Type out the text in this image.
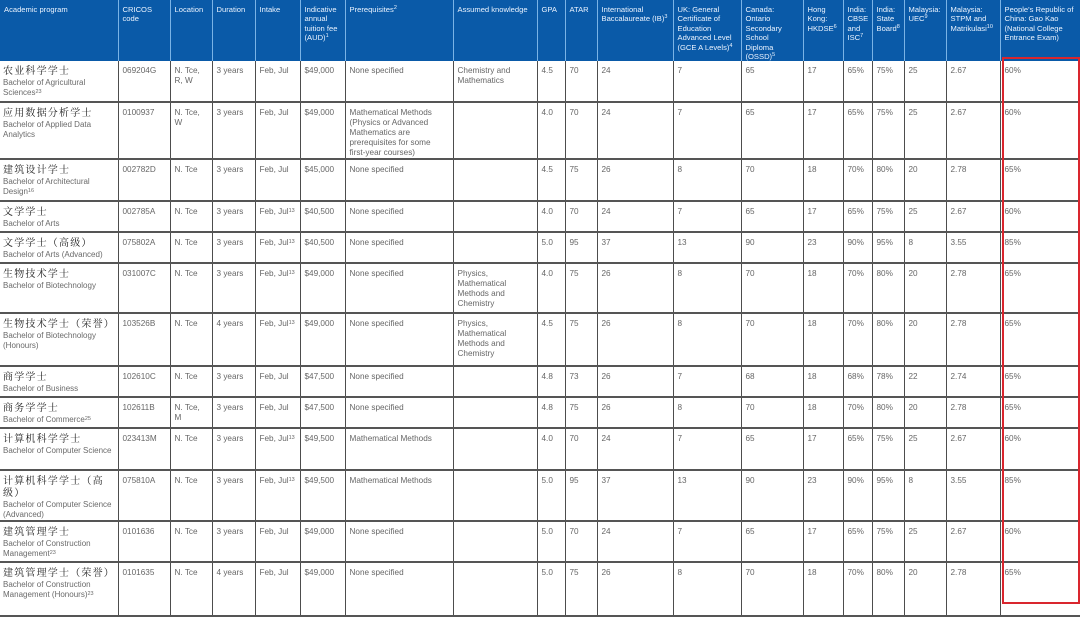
Academic program	CRICOS code	Location	Duration	Intake	Indicative annual tuition fee (AUD)$^1$	Prerequisites$^2$	Assumed knowledge	GPA	ATAR	International Baccalaureate (IB)$^3$	UK: General Certificate of Education Advanced Level (GCE A Levels)$^4$	Canada: Ontario Secondary School Diploma (OSSD)$^5$	Hong Kong: HKDSE$^6$	India: CBSE and ISC$^7$	India: State Board$^8$	Malaysia: UEC$^9$	Malaysia: STPM and Matrikulasi$^{10}$	People's Republic of China: Gao Kao (National College Entrance Exam)

农业科学学士
Bachelor of Agricultural Sciences$^{23}$	069204G	N. Tce, R, W	3 years	Feb, Jul	$49,000	None specified	Chemistry and Mathematics	4.5	70	24	7	65	17	65%	75%	25	2.67	60%

应用数据分析学士
Bachelor of Applied Data Analytics	0100937	N. Tce, W	3 years	Feb, Jul	$49,000	Mathematical Methods (Physics or Advanced Mathematics are prerequisites for some first-year courses)		4.0	70	24	7	65	17	65%	75%	25	2.67	60%

建筑设计学士
Bachelor of Architectural Design$^{16}$	002782D	N. Tce	3 years	Feb, Jul	$45,000	None specified		4.5	75	26	8	70	18	70%	80%	20	2.78	65%

文学学士
Bachelor of Arts	002785A	N. Tce	3 years	Feb, Jul$^{13}$	$40,500	None specified		4.0	70	24	7	65	17	65%	75%	25	2.67	60%

文学学士（高级）
Bachelor of Arts (Advanced)	075802A	N. Tce	3 years	Feb, Jul$^{13}$	$40,500	None specified		5.0	95	37	13	90	23	90%	95%	8	3.55	85%

生物技术学士
Bachelor of Biotechnology	031007C	N. Tce	3 years	Feb, Jul$^{13}$	$49,000	None specified	Physics, Mathematical Methods and Chemistry	4.0	75	26	8	70	18	70%	80%	20	2.78	65%

生物技术学士（荣誉）
Bachelor of Biotechnology (Honours)	103526B	N. Tce	4 years	Feb, Jul$^{13}$	$49,000	None specified	Physics, Mathematical Methods and Chemistry	4.5	75	26	8	70	18	70%	80%	20	2.78	65%

商学学士
Bachelor of Business	102610C	N. Tce	3 years	Feb, Jul	$47,500	None specified		4.8	73	26	7	68	18	68%	78%	22	2.74	65%

商务学学士
Bachelor of Commerce$^{25}$	102611B	N. Tce, M	3 years	Feb, Jul	$47,500	None specified		4.8	75	26	8	70	18	70%	80%	20	2.78	65%

计算机科学学士
Bachelor of Computer Science	023413M	N. Tce	3 years	Feb, Jul$^{13}$	$49,500	Mathematical Methods		4.0	70	24	7	65	17	65%	75%	25	2.67	60%

计算机科学学士（高级）
Bachelor of Computer Science (Advanced)	075810A	N. Tce	3 years	Feb, Jul$^{13}$	$49,500	Mathematical Methods		5.0	95	37	13	90	23	90%	95%	8	3.55	85%

建筑管理学士
Bachelor of Construction Management$^{23}$	0101636	N. Tce	3 years	Feb, Jul	$49,000	None specified		5.0	70	24	7	65	17	65%	75%	25	2.67	60%

建筑管理学士（荣誉）
Bachelor of Construction Management (Honours)$^{23}$	0101635	N. Tce	4 years	Feb, Jul	$49,000	None specified		5.0	75	26	8	70	18	70%	80%	20	2.78	65%
